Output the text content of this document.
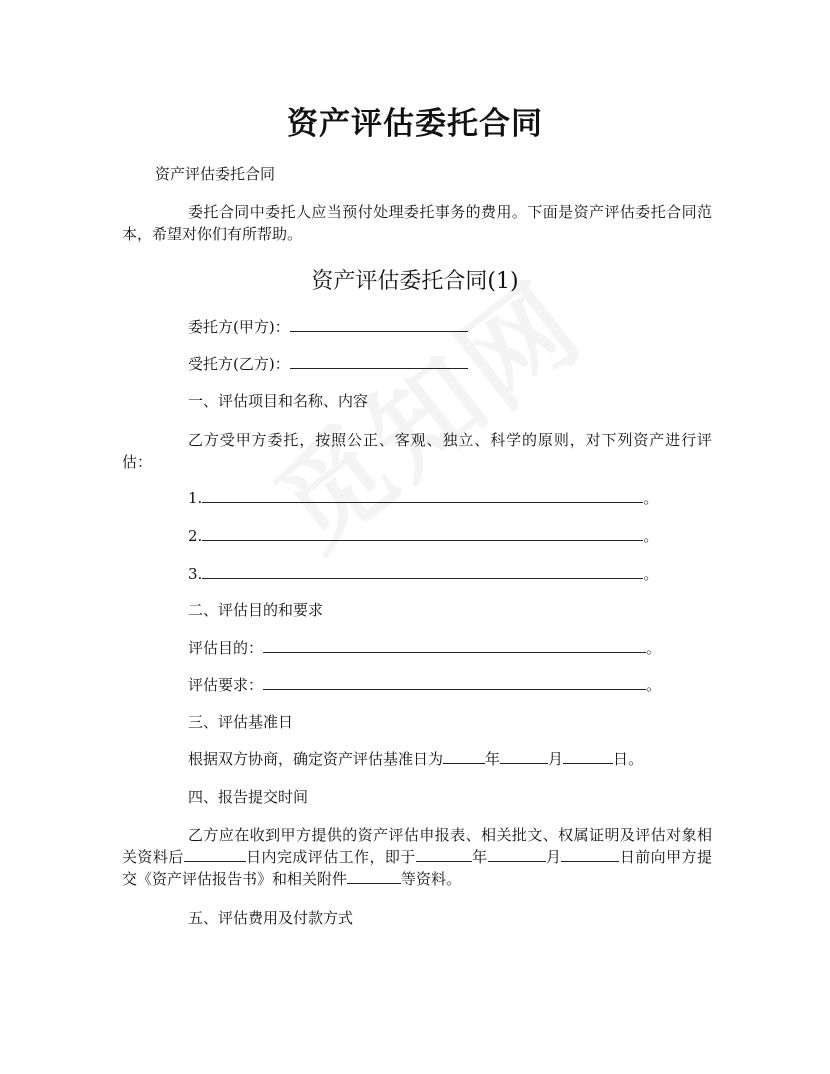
资产评估委托合同
资产评估委托合同
委托合同中委托人应当预付处理委托事务的费用。下面是资产评估委托合同范本，希望对你们有所帮助。
资产评估委托合同(1)
委托方(甲方)：
受托方(乙方)：
一、评估项目和名称、内容
乙方受甲方委托，按照公正、客观、独立、科学的原则，对下列资产进行评估：
1.	。
2.	。
3.	。
二、评估目的和要求
评估目的：	。
评估要求：	。
三、评估基准日
根据双方协商，确定资产评估基准日为	年	月	日。
四、报告提交时间
乙方应在收到甲方提供的资产评估申报表、相关批文、权属证明及评估对象相关资料后	日内完成评估工作，即于	年	月	日前向甲方提交《资产评估报告书》和相关附件	等资料。
五、评估费用及付款方式
